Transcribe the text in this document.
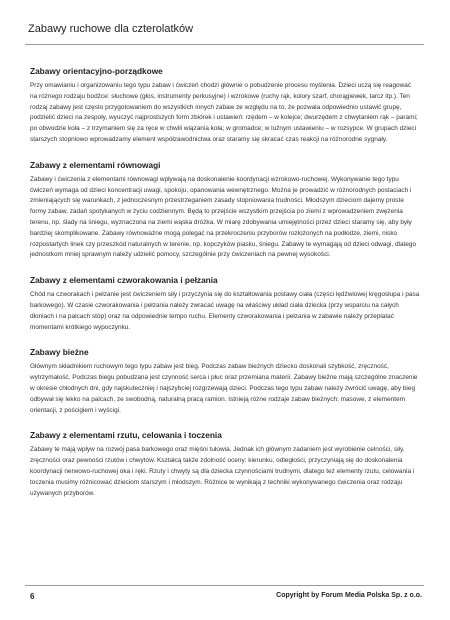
Zabawy ruchowe dla czterolatków
Zabawy orientacyjno-porządkowe

Przy omawianiu i organizowaniu tego typu zabaw i ćwiczeń chodzi głównie o pobudzenie procesu myślenia. Dzieci uczą się reagować na różnego rodzaju bodźce: słuchowe (głos, instrumenty perkusyjne) i wzrokowe (ruchy rąk, kolory szarf, chorągiewek, tarcz itp.). Ten rodzaj zabawy jest często przygotowaniem do wszystkich innych zabaw ze względu na to, że pozwala odpowiednio ustawić grupę, podzielić dzieci na zespoły, wyuczyć najprostszych form zbiórek i ustawień: rzędem – w kolejce; dwurzędem z chwytaniem rąk – parami; po obwodzie koła – z trzymaniem się za ręce w chwili wiązania koła; w gromadce; w luźnym ustawieniu – w rozsypce. W grupach dzieci starszych stopniowo wprowadzamy element współzawodnictwa oraz staramy się skracać czas reakcji na różnorodne sygnały.

Zabawy z elementami równowagi

Zabawy i ćwiczenia z elementami równowagi wpływają na doskonalenie koordynacji wzrokowo-ruchowej. Wykonywanie tego typu ćwiczeń wymaga od dzieci koncentracji uwagi, spokoju, opanowania wewnętrznego. Można je prowadzić w różnorodnych postaciach i zmieniających się warunkach, z jednoczesnym przestrzeganiem zasady stopniowania trudności. Młodszym dzieciom dajemy proste formy zabaw, zadań spotykanych w życiu codziennym. Będą to przejście wszystkim przejścia po ziemi z wprowadzeniem zwężenia terenu, np. ślady na śniegu, wyznaczona na ziemi wąska dróżka. W miarę zdobywania umiejętności przez dzieci staramy się, aby były bardziej skomplikowane. Zabawy równoważne mogą polegać na przekroczeniu przyborów rozłożonych na podłodze, ziemi, nisko rozpostartych linek czy przeszkód naturalnych w terenie, np. kopczyków piasku, śniegu. Zabawy te wymagają od dzieci odwagi, dlatego jednostkom mniej sprawnym należy udzielić pomocy, szczególnie przy ćwiczeniach na pewnej wysokości.

Zabawy z elementami czworakowania i pełzania

Chód na czworakach i pełzanie jest ćwiczeniem siły i przyczynia się do kształtowania postawy ciała (części lędźwiowej kręgosłupa i pasa barkowego). W czasie czworakowania i pełzania należy zwracać uwagę na właściwy układ ciała dziecka (przy wsparciu na całych dłoniach i na palcach stóp) oraz na odpowiednie tempo ruchu. Elementy czworakowania i pełzania w zabawie należy przeplatać momentami krótkiego wypoczynku.

Zabawy bieżne

Głównym składnikiem ruchowym tego typu zabaw jest bieg. Podczas zabaw bieżnych dziecko doskonali szybkość, zręczność, wytrzymałość. Podczas biegu pobudzana jest czynność serca i płuc oraz przemiana materii. Zabawy bieżne mają szczególne znaczenie w okresie chłodnych dni, gdy najskuteczniej i najszybciej rozgrzewają dzieci. Podczas tego typu zabaw należy zwrócić uwagę, aby bieg odbywał się lekko na palcach, ze swobodną, naturalną pracą ramion. Istnieją różne rodzaje zabaw bieżnych: masowe, z elementem orientacji, z pościgiem i wyścigi.

Zabawy z elementami rzutu, celowania i toczenia

Zabawy te mają wpływ na rozwój pasa barkowego oraz mięśni tułowia. Jednak ich głównym zadaniem jest wyrobienie celności, siły, zręczności oraz pewności rzutów i chwytów. Kształcą także zdolność oceny: kierunku, odległości, przyczyniają się do doskonalenia koordynacji nerwowo-ruchowej oka i ręki. Rzuty i chwyty są dla dziecka czynnościami trudnymi, dlatego też elementy rzutu, celowania i toczenia musimy różnicować dzieciom starszym i młodszym. Różnice te wynikają z techniki wykonywanego ćwiczenia oraz rodzaju używanych przyborów.

6	Copyright by Forum Media Polska Sp. z o.o.
